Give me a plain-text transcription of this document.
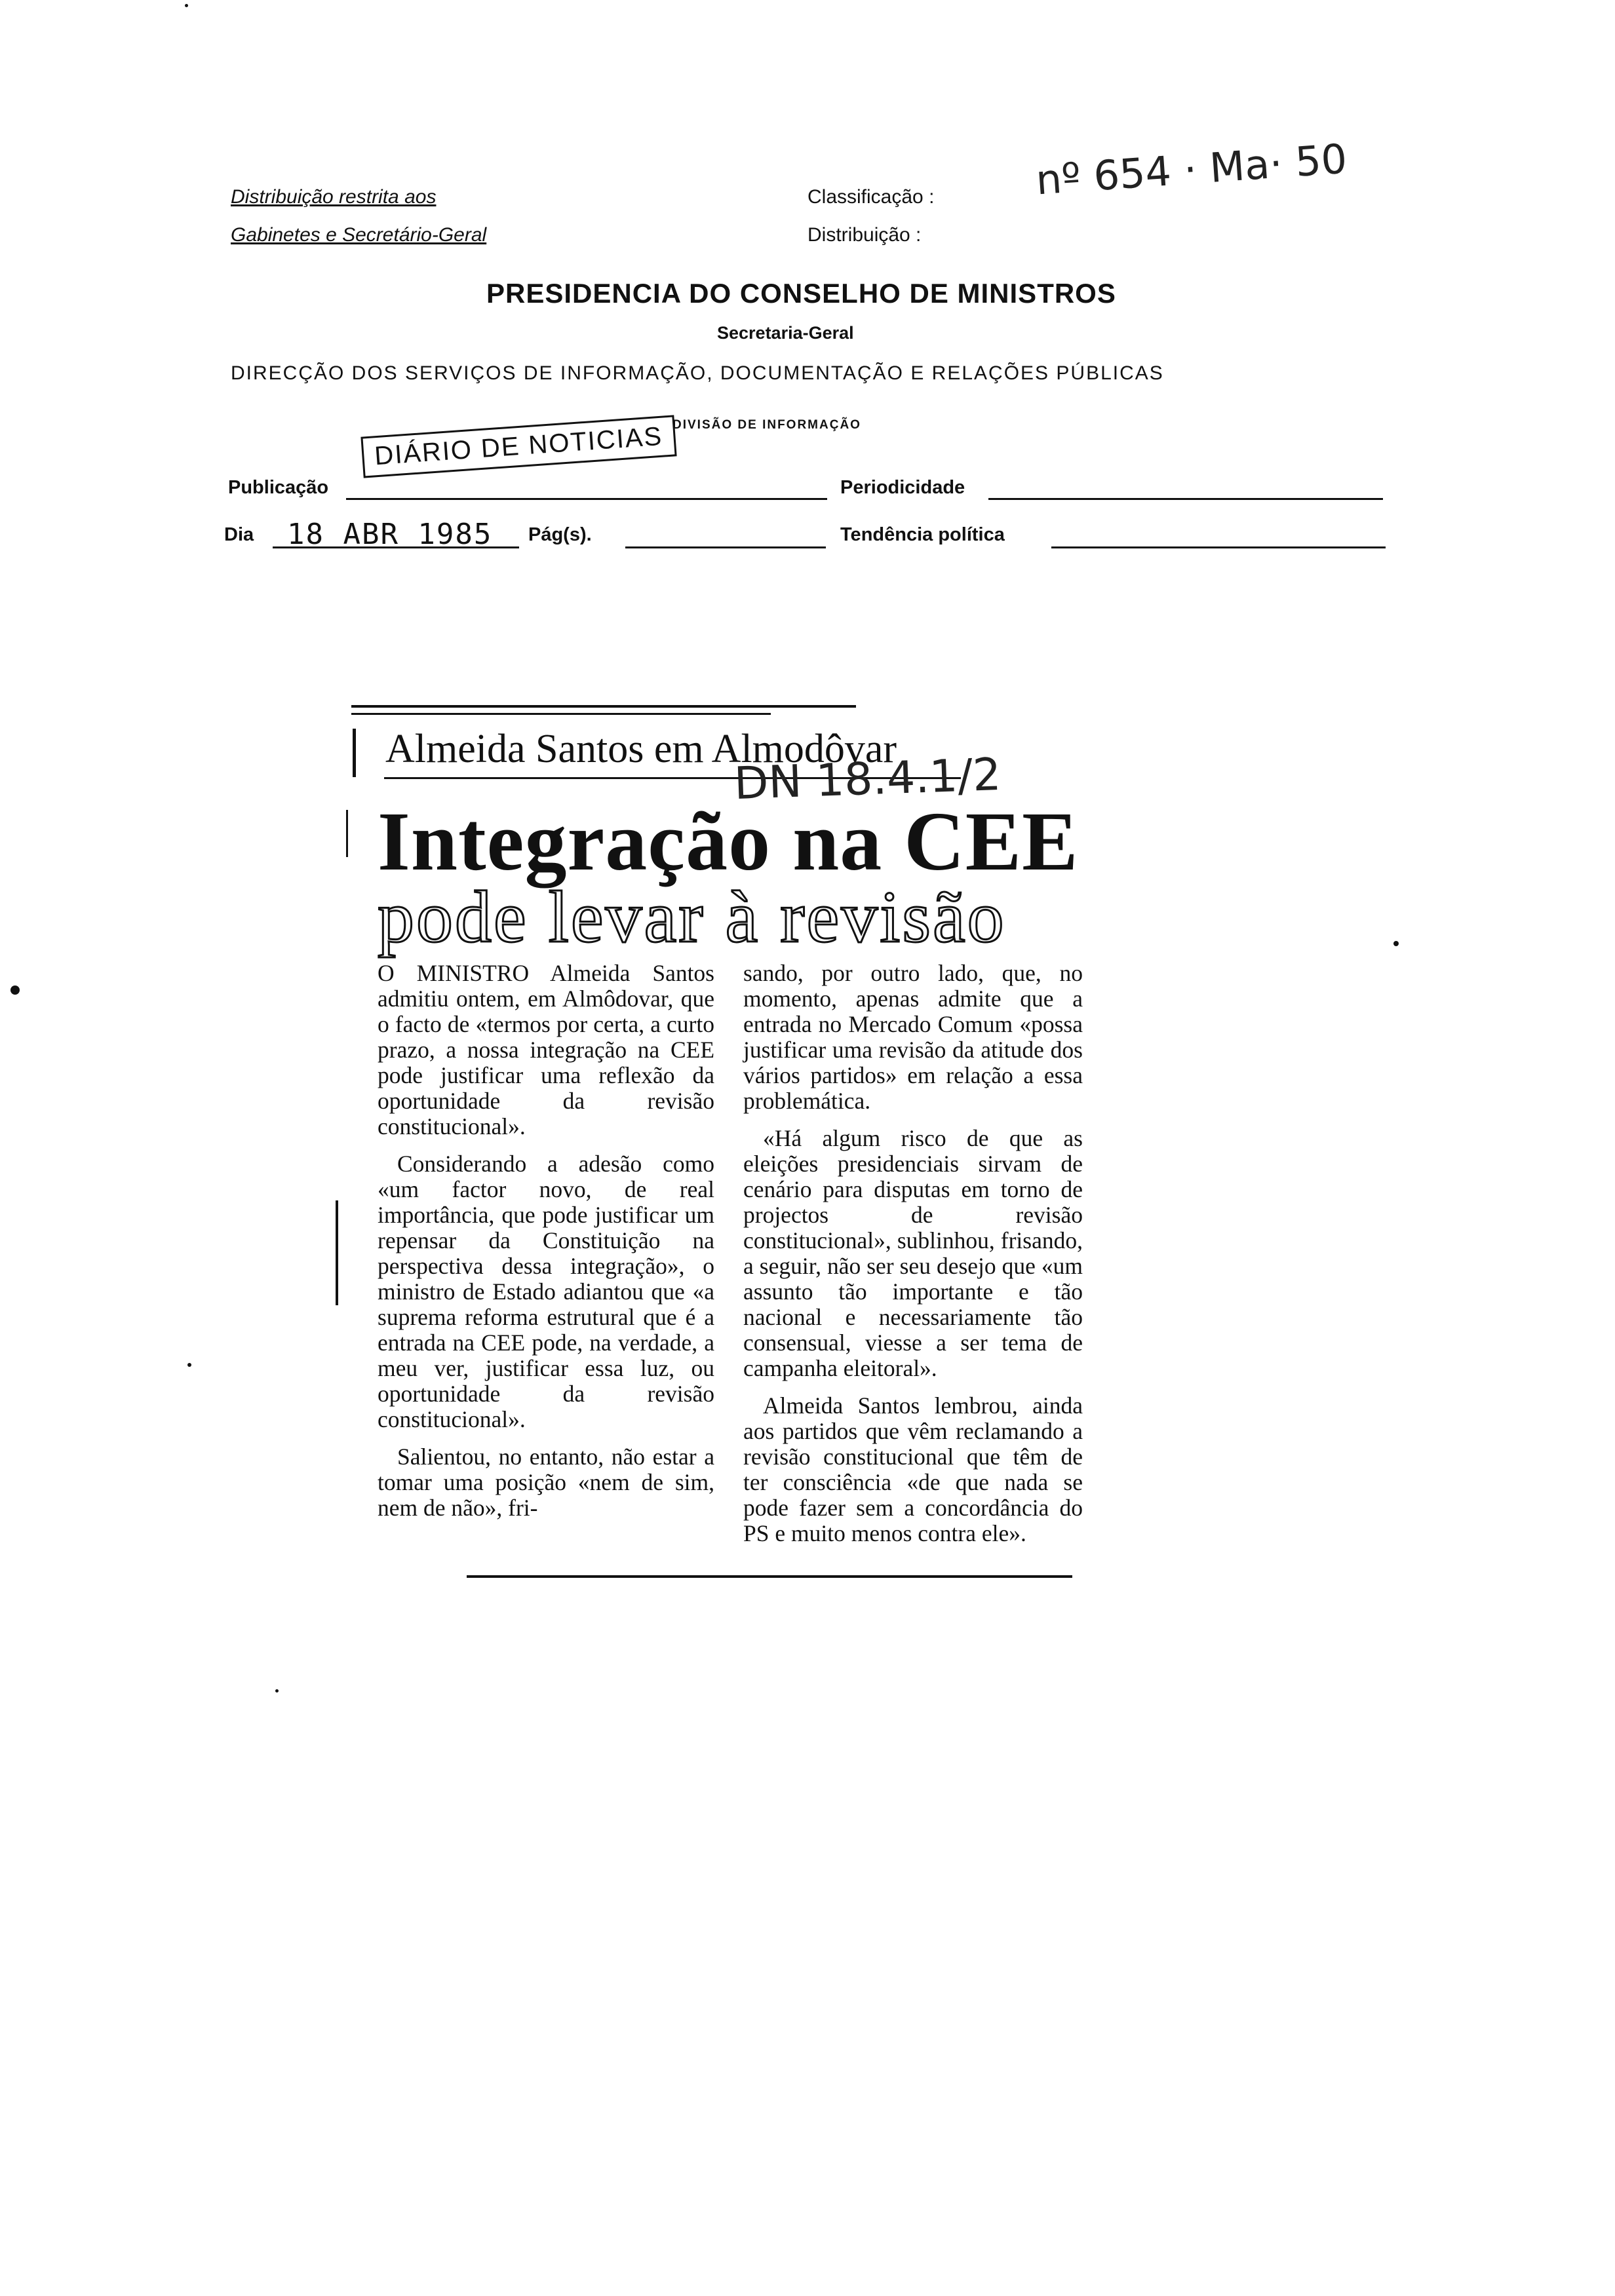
Distribuição restrita aos
Gabinetes e Secretário-Geral
Classificação :
Distribuição :
nº 654 · Ma· 50
PRESIDENCIA DO CONSELHO DE MINISTROS
Secretaria-Geral
DIRECÇÃO DOS SERVIÇOS DE INFORMAÇÃO, DOCUMENTAÇÃO E RELAÇÕES PÚBLICAS
DIVISÃO DE INFORMAÇÃO
DIÁRIO DE NOTICIAS
Publicação	Periodicidade
Dia 18 ABR 1985 Pág(s).	Tendência política
Almeida Santos em Almodôvar
DN 18.4.1/2
Integração na CEE
pode levar à revisão

O MINISTRO Almeida Santos admitiu ontem, em Almôdovar, que o facto de «termos por certa, a curto prazo, a nossa integração na CEE pode justificar uma reflexão da oportunidade da revisão constitucional».

Considerando a adesão como «um factor novo, de real importância, que pode justificar um repensar da Constituição na perspectiva dessa integração», o ministro de Estado adiantou que «a suprema reforma estrutural que é a entrada na CEE pode, na verdade, a meu ver, justificar essa luz, ou oportunidade da revisão constitucional».

Salientou, no entanto, não estar a tomar uma posição «nem de sim, nem de não», fri-

sando, por outro lado, que, no momento, apenas admite que a entrada no Mercado Comum «possa justificar uma revisão da atitude dos vários partidos» em relação a essa problemática.

«Há algum risco de que as eleições presidenciais sirvam de cenário para disputas em torno de projectos de revisão constitucional», sublinhou, frisando, a seguir, não ser seu desejo que «um assunto tão importante e tão nacional e necessariamente tão consensual, viesse a ser tema de campanha eleitoral».

Almeida Santos lembrou, ainda aos partidos que vêm reclamando a revisão constitucional que têm de ter consciência «de que nada se pode fazer sem a concordância do PS e muito menos contra ele».
